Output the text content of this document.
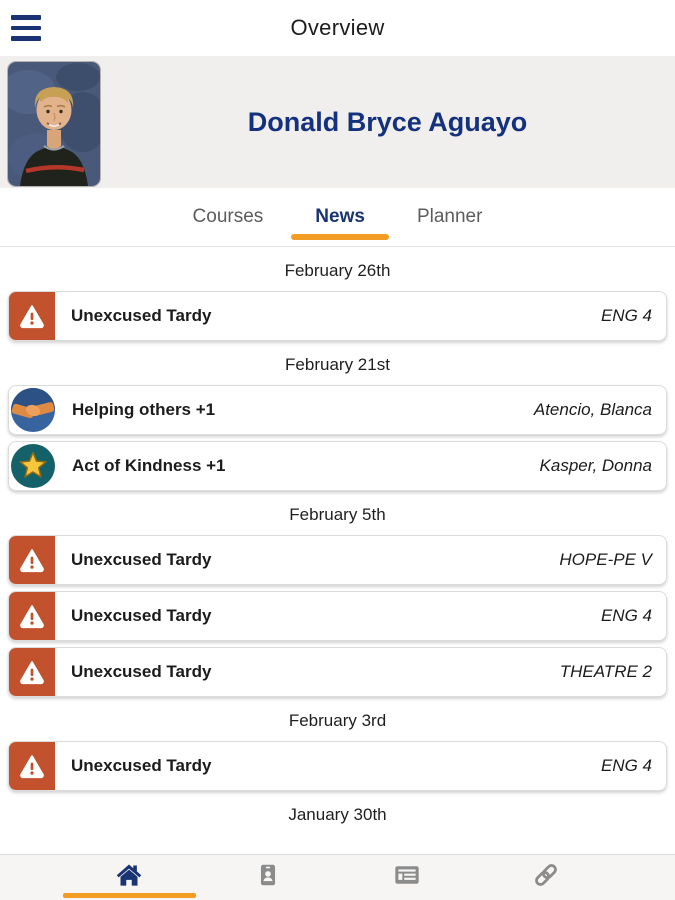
Overview
Donald Bryce Aguayo
Courses	News	Planner
February 26th
Unexcused Tardy	ENG 4
February 21st
Helping others +1	Atencio, Blanca
Act of Kindness +1	Kasper, Donna
February 5th
Unexcused Tardy	HOPE-PE V
Unexcused Tardy	ENG 4
Unexcused Tardy	THEATRE 2
February 3rd
Unexcused Tardy	ENG 4
January 30th
